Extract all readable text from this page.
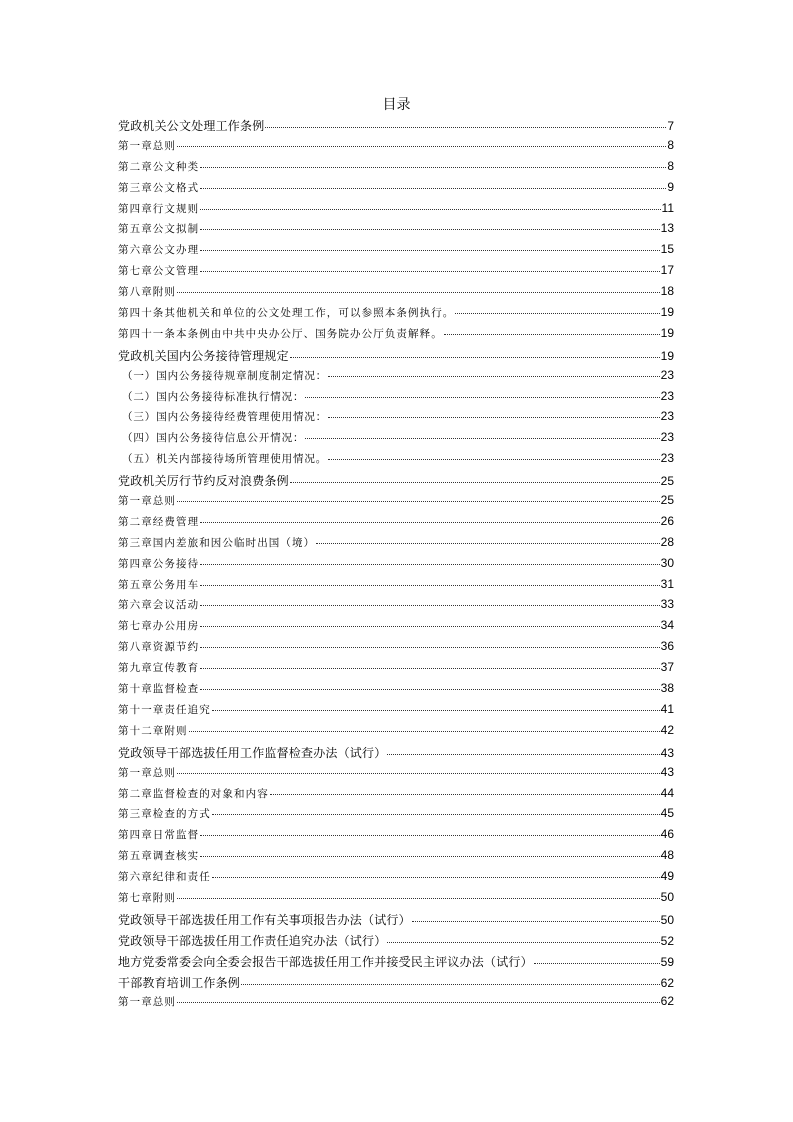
目录
党政机关公文处理工作条例	7
第一章总则	8
第二章公文种类	8
第三章公文格式	9
第四章行文规则	11
第五章公文拟制	13
第六章公文办理	15
第七章公文管理	17
第八章附则	18
第四十条其他机关和单位的公文处理工作，可以参照本条例执行。	19
第四十一条本条例由中共中央办公厅、国务院办公厅负责解释。	19
党政机关国内公务接待管理规定	19
（一）国内公务接待规章制度制定情况：	23
（二）国内公务接待标准执行情况：	23
（三）国内公务接待经费管理使用情况：	23
（四）国内公务接待信息公开情况：	23
（五）机关内部接待场所管理使用情况。	23
党政机关厉行节约反对浪费条例	25
第一章总则	25
第二章经费管理	26
第三章国内差旅和因公临时出国（境）	28
第四章公务接待	30
第五章公务用车	31
第六章会议活动	33
第七章办公用房	34
第八章资源节约	36
第九章宣传教育	37
第十章监督检查	38
第十一章责任追究	41
第十二章附则	42
党政领导干部选拔任用工作监督检查办法（试行）	43
第一章总则	43
第二章监督检查的对象和内容	44
第三章检查的方式	45
第四章日常监督	46
第五章调查核实	48
第六章纪律和责任	49
第七章附则	50
党政领导干部选拔任用工作有关事项报告办法（试行）	50
党政领导干部选拔任用工作责任追究办法（试行）	52
地方党委常委会向全委会报告干部选拔任用工作并接受民主评议办法（试行）	59
干部教育培训工作条例	62
第一章总则	62
